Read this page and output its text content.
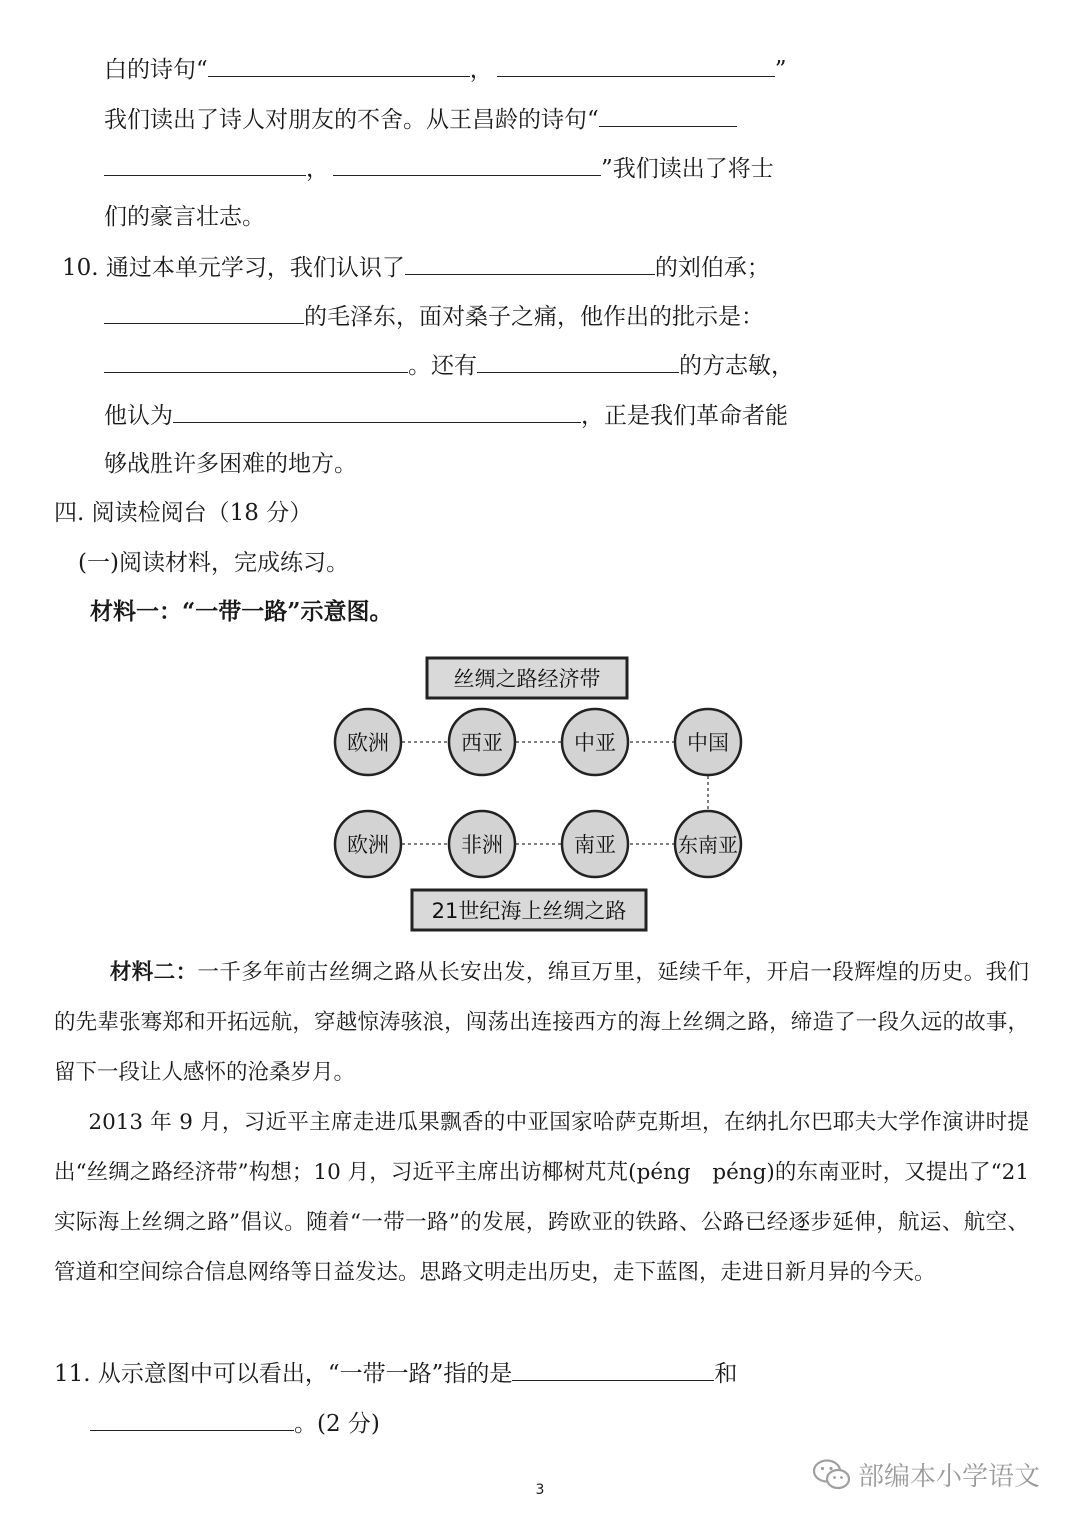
白的诗句“	，	”
我们读出了诗人对朋友的不舍。从王昌龄的诗句“
，	”我们读出了将士
们的豪言壮志。
10. 通过本单元学习，我们认识了	的刘伯承；
的毛泽东，面对桑子之痛，他作出的批示是：
。还有	的方志敏，
他认为	，正是我们革命者能
够战胜许多困难的地方。
四. 阅读检阅台（18 分）
(一)阅读材料，完成练习。
材料一：“一带一路”示意图。
丝绸之路经济带
欧洲	西亚	中亚	中国
欧洲	非洲	南亚	东南亚
21世纪海上丝绸之路

材料二：一千多年前古丝绸之路从长安出发，绵亘万里，延续千年，开启一段辉煌的历史。我们的先辈张骞郑和开拓远航，穿越惊涛骇浪，闯荡出连接西方的海上丝绸之路，缔造了一段久远的故事，留下一段让人感怀的沧桑岁月。

2013 年 9 月，习近平主席走进瓜果飘香的中亚国家哈萨克斯坦，在纳扎尔巴耶夫大学作演讲时提出“丝绸之路经济带”构想；10 月，习近平主席出访椰树芃芃(péng　péng)的东南亚时，又提出了“21 实际海上丝绸之路”倡议。随着“一带一路”的发展，跨欧亚的铁路、公路已经逐步延伸，航运、航空、管道和空间综合信息网络等日益发达。思路文明走出历史，走下蓝图，走进日新月异的今天。

11. 从示意图中可以看出，“一带一路”指的是	和
。(2 分)
3	部编本小学语文
